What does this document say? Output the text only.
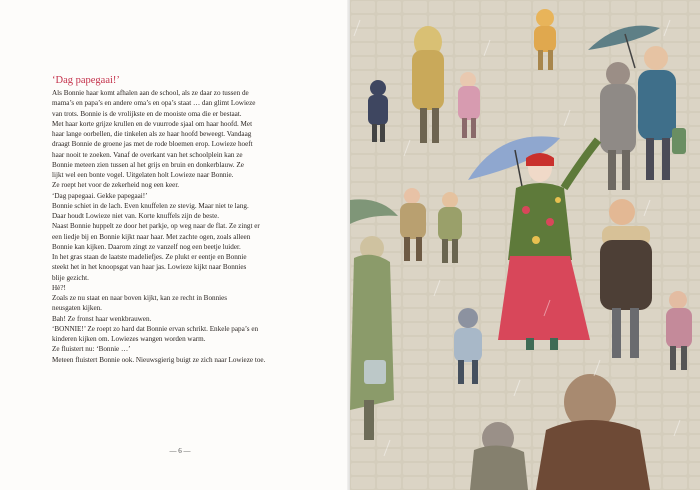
‘Dag papegaai!’

Als Bonnie haar komt afhalen aan de school, als ze daar zo tussen de

mama’s en papa’s en andere oma’s en opa’s staat … dan glimt Lowieze

van trots. Bonnie is de vrolijkste en de mooiste oma die er bestaat.

Met haar korte grijze krullen en de vuurrode sjaal om haar hoofd. Met

haar lange oorbellen, die tinkelen als ze haar hoofd beweegt. Vandaag

draagt Bonnie de groene jas met de rode bloemen erop. Lowieze hoeft

haar nooit te zoeken. Vanaf de overkant van het schoolplein kan ze

Bonnie meteen zien tussen al het grijs en bruin en donkerblauw. Ze

lijkt wel een bonte vogel. Uitgelaten holt Lowieze naar Bonnie.

Ze roept het voor de zekerheid nog een keer.

‘Dag papegaai. Gekke papegaai!’

Bonnie schiet in de lach. Even knuffelen ze stevig. Maar niet te lang.

Daar houdt Lowieze niet van. Korte knuffels zijn de beste.

Naast Bonnie huppelt ze door het parkje, op weg naar de flat. Ze zingt er

een liedje bij en Bonnie kijkt naar haar. Met zachte ogen, zoals alleen

Bonnie kan kijken. Daarom zingt ze vanzelf nog een beetje luider.

In het gras staan de laatste madeliefjes. Ze plukt er eentje en Bonnie

steekt het in het knoopsgat van haar jas. Lowieze kijkt naar Bonnies

blije gezicht.

Hè?!

Zoals ze nu staat en naar boven kijkt, kan ze recht in Bonnies

neusgaten kijken.

Bah! Ze fronst haar wenkbrauwen.

‘BONNIE!’ Ze roept zo hard dat Bonnie ervan schrikt. Enkele papa’s en

kinderen kijken om. Lowiezes wangen worden warm.

Ze fluistert nu: ‘Bonnie …’

Meteen fluistert Bonnie ook. Nieuwsgierig buigt ze zich naar Lowieze toe.

— 6 —
